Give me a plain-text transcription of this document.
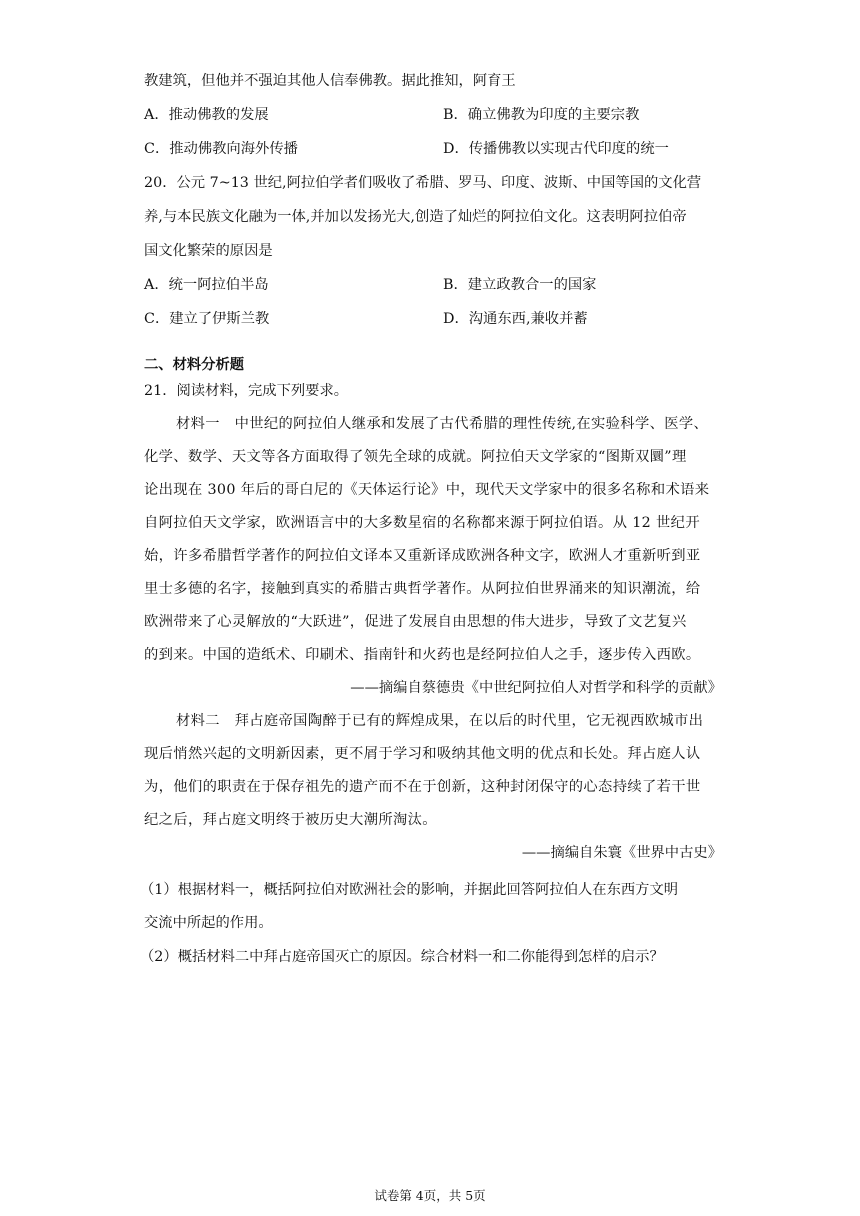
教建筑，但他并不强迫其他人信奉佛教。据此推知，阿育王
A．推动佛教的发展	B．确立佛教为印度的主要宗教
C．推动佛教向海外传播	D．传播佛教以实现古代印度的统一
20．公元 7~13 世纪,阿拉伯学者们吸收了希腊、罗马、印度、波斯、中国等国的文化营
养,与本民族文化融为一体,并加以发扬光大,创造了灿烂的阿拉伯文化。这表明阿拉伯帝
国文化繁荣的原因是
A．统一阿拉伯半岛	B．建立政教合一的国家
C．建立了伊斯兰教	D．沟通东西,兼收并蓄
二、材料分析题
21．阅读材料，完成下列要求。
材料一　中世纪的阿拉伯人继承和发展了古代希腊的理性传统,在实验科学、医学、
化学、数学、天文等各方面取得了领先全球的成就。阿拉伯天文学家的“图斯双圜”理
论出现在 300 年后的哥白尼的《天体运行论》中，现代天文学家中的很多名称和术语来
自阿拉伯天文学家，欧洲语言中的大多数星宿的名称都来源于阿拉伯语。从 12 世纪开
始，许多希腊哲学著作的阿拉伯文译本又重新译成欧洲各种文字，欧洲人才重新听到亚
里士多德的名字，接触到真实的希腊古典哲学著作。从阿拉伯世界涌来的知识潮流，给
欧洲带来了心灵解放的“大跃进”，促进了发展自由思想的伟大进步，导致了文艺复兴
的到来。中国的造纸术、印刷术、指南针和火药也是经阿拉伯人之手，逐步传入西欧。
——摘编自蔡德贵《中世纪阿拉伯人对哲学和科学的贡献》
材料二　拜占庭帝国陶醉于已有的辉煌成果，在以后的时代里，它无视西欧城市出
现后悄然兴起的文明新因素，更不屑于学习和吸纳其他文明的优点和长处。拜占庭人认
为，他们的职责在于保存祖先的遗产而不在于创新，这种封闭保守的心态持续了若干世
纪之后，拜占庭文明终于被历史大潮所淘汰。
——摘编自朱寰《世界中古史》
（1）根据材料一，概括阿拉伯对欧洲社会的影响，并据此回答阿拉伯人在东西方文明
交流中所起的作用。
（2）概括材料二中拜占庭帝国灭亡的原因。综合材料一和二你能得到怎样的启示？
试卷第 4页，共 5页
